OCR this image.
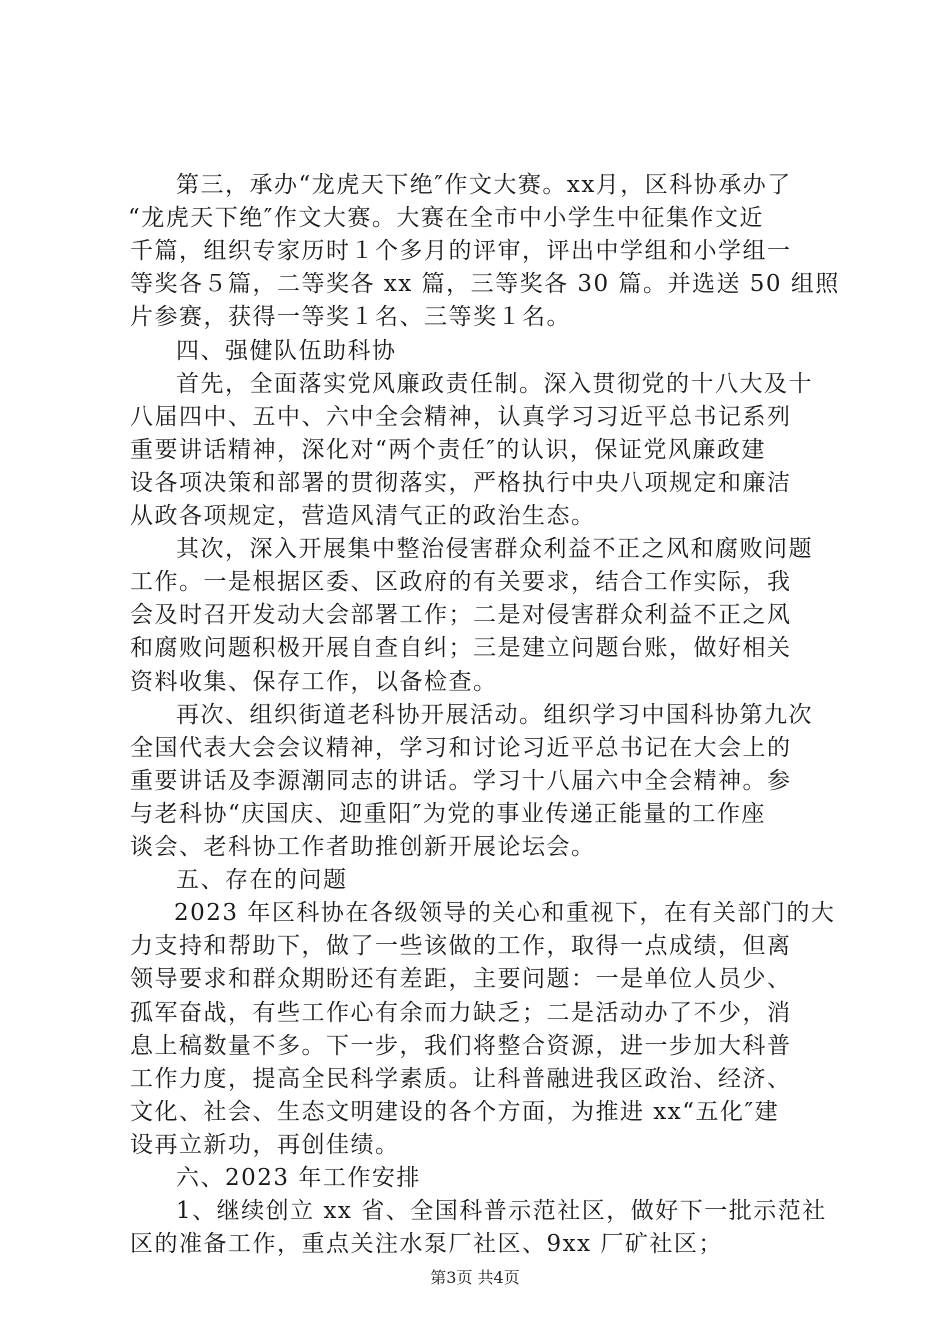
第三，承办“龙虎天下绝″作文大赛。xx月，区科协承办了
“龙虎天下绝″作文大赛。大赛在全市中小学生中征集作文近
千篇，组织专家历时１个多月的评审，评出中学组和小学组一
等奖各５篇，二等奖各 xx 篇，三等奖各 30 篇。并选送 50 组照
片参赛，获得一等奖１名、三等奖１名。
四、强健队伍助科协
首先，全面落实党风廉政责任制。深入贯彻党的十八大及十
八届四中、五中、六中全会精神，认真学习习近平总书记系列
重要讲话精神，深化对“两个责任″的认识，保证党风廉政建
设各项决策和部署的贯彻落实，严格执行中央八项规定和廉洁
从政各项规定，营造风清气正的政治生态。
其次，深入开展集中整治侵害群众利益不正之风和腐败问题
工作。一是根据区委、区政府的有关要求，结合工作实际，我
会及时召开发动大会部署工作；二是对侵害群众利益不正之风
和腐败问题积极开展自查自纠；三是建立问题台账，做好相关
资料收集、保存工作，以备检查。
再次、组织街道老科协开展活动。组织学习中国科协第九次
全国代表大会会议精神，学习和讨论习近平总书记在大会上的
重要讲话及李源潮同志的讲话。学习十八届六中全会精神。参
与老科协“庆国庆、迎重阳″为党的事业传递正能量的工作座
谈会、老科协工作者助推创新开展论坛会。
五、存在的问题
2023 年区科协在各级领导的关心和重视下，在有关部门的大
力支持和帮助下，做了一些该做的工作，取得一点成绩，但离
领导要求和群众期盼还有差距，主要问题：一是单位人员少、
孤军奋战，有些工作心有余而力缺乏；二是活动办了不少，消
息上稿数量不多。下一步，我们将整合资源，进一步加大科普
工作力度，提高全民科学素质。让科普融进我区政治、经济、
文化、社会、生态文明建设的各个方面，为推进 xx“五化″建
设再立新功，再创佳绩。
六、2023 年工作安排
1、继续创立 xx 省、全国科普示范社区，做好下一批示范社
区的准备工作，重点关注水泵厂社区、9xx 厂矿社区；
第3页 共4页
